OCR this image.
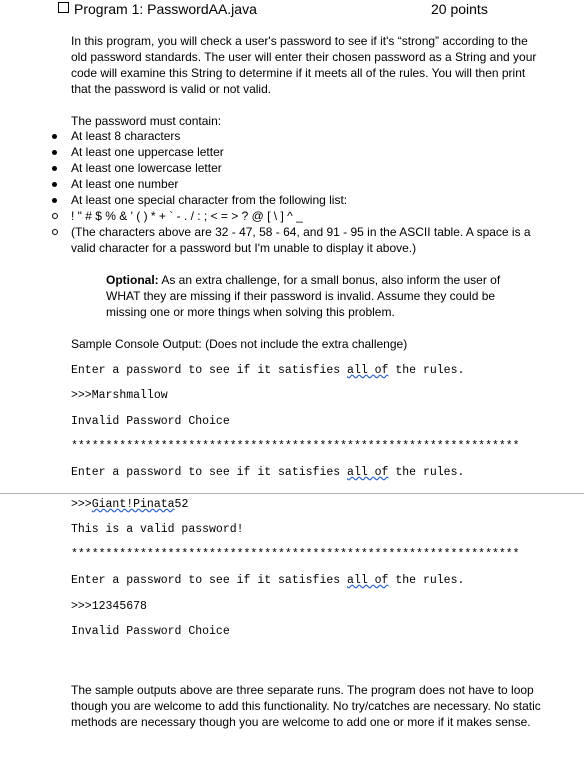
Program 1: PasswordAA.java	20 points
In this program, you will check a user's password to see if it's “strong” according to the old password standards. The user will enter their chosen password as a String and your code will examine this String to determine if it meets all of the rules. You will then print that the password is valid or not valid.
The password must contain:
At least 8 characters
At least one uppercase letter
At least one lowercase letter
At least one number
At least one special character from the following list:
! " # $ % & ' ( ) * + ` - . / : ; < = > ? @ [ \ ] ^ _
(The characters above are 32 - 47, 58 - 64, and 91 - 95 in the ASCII table. A space is a valid character for a password but I'm unable to display it above.)
Optional: As an extra challenge, for a small bonus, also inform the user of WHAT they are missing if their password is invalid. Assume they could be missing one or more things when solving this problem.
Sample Console Output: (Does not include the extra challenge)
Enter a password to see if it satisfies all of the rules.
>>>Marshmallow
Invalid Password Choice
*****************************************************************
Enter a password to see if it satisfies all of the rules.
>>>Giant!Pinata52
This is a valid password!
*****************************************************************
Enter a password to see if it satisfies all of the rules.
>>>12345678
Invalid Password Choice
The sample outputs above are three separate runs. The program does not have to loop though you are welcome to add this functionality. No try/catches are necessary. No static methods are necessary though you are welcome to add one or more if it makes sense.
